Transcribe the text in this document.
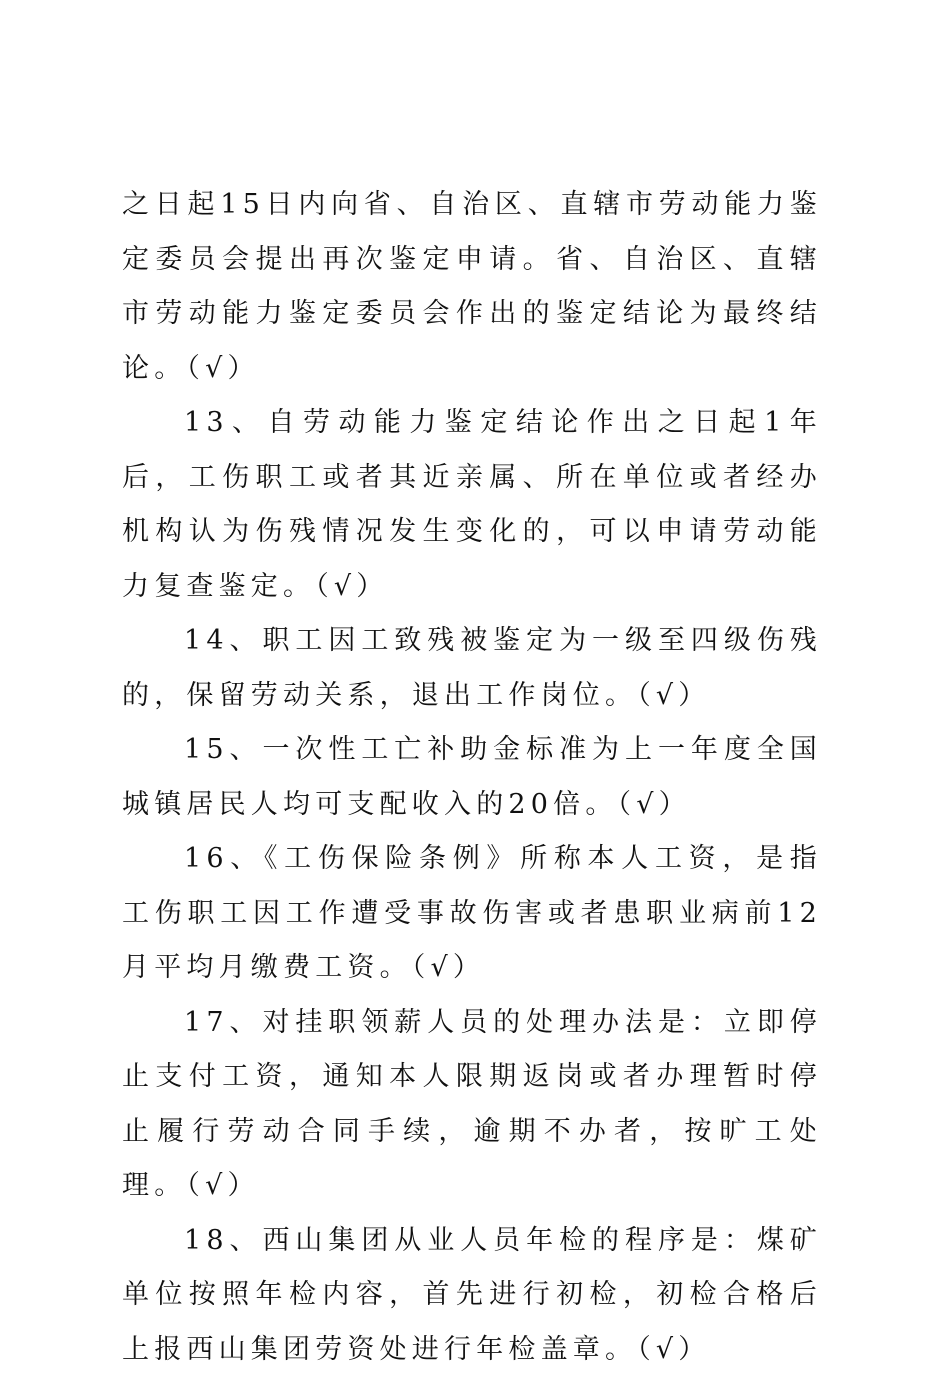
之日起15日内向省、自治区、直辖市劳动能力鉴定委员会提出再次鉴定申请。省、自治区、直辖市劳动能力鉴定委员会作出的鉴定结论为最终结论。（√）

13、自劳动能力鉴定结论作出之日起1年后，工伤职工或者其近亲属、所在单位或者经办机构认为伤残情况发生变化的，可以申请劳动能力复查鉴定。（√）

14、职工因工致残被鉴定为一级至四级伤残的，保留劳动关系，退出工作岗位。（√）

15、一次性工亡补助金标准为上一年度全国城镇居民人均可支配收入的20倍。（√）

16、《工伤保险条例》所称本人工资，是指工伤职工因工作遭受事故伤害或者患职业病前12月平均月缴费工资。（√）

17、对挂职领薪人员的处理办法是：立即停止支付工资，通知本人限期返岗或者办理暂时停止履行劳动合同手续，逾期不办者，按旷工处理。（√）

18、西山集团从业人员年检的程序是：煤矿单位按照年检内容，首先进行初检，初检合格后上报西山集团劳资处进行年检盖章。（√）
